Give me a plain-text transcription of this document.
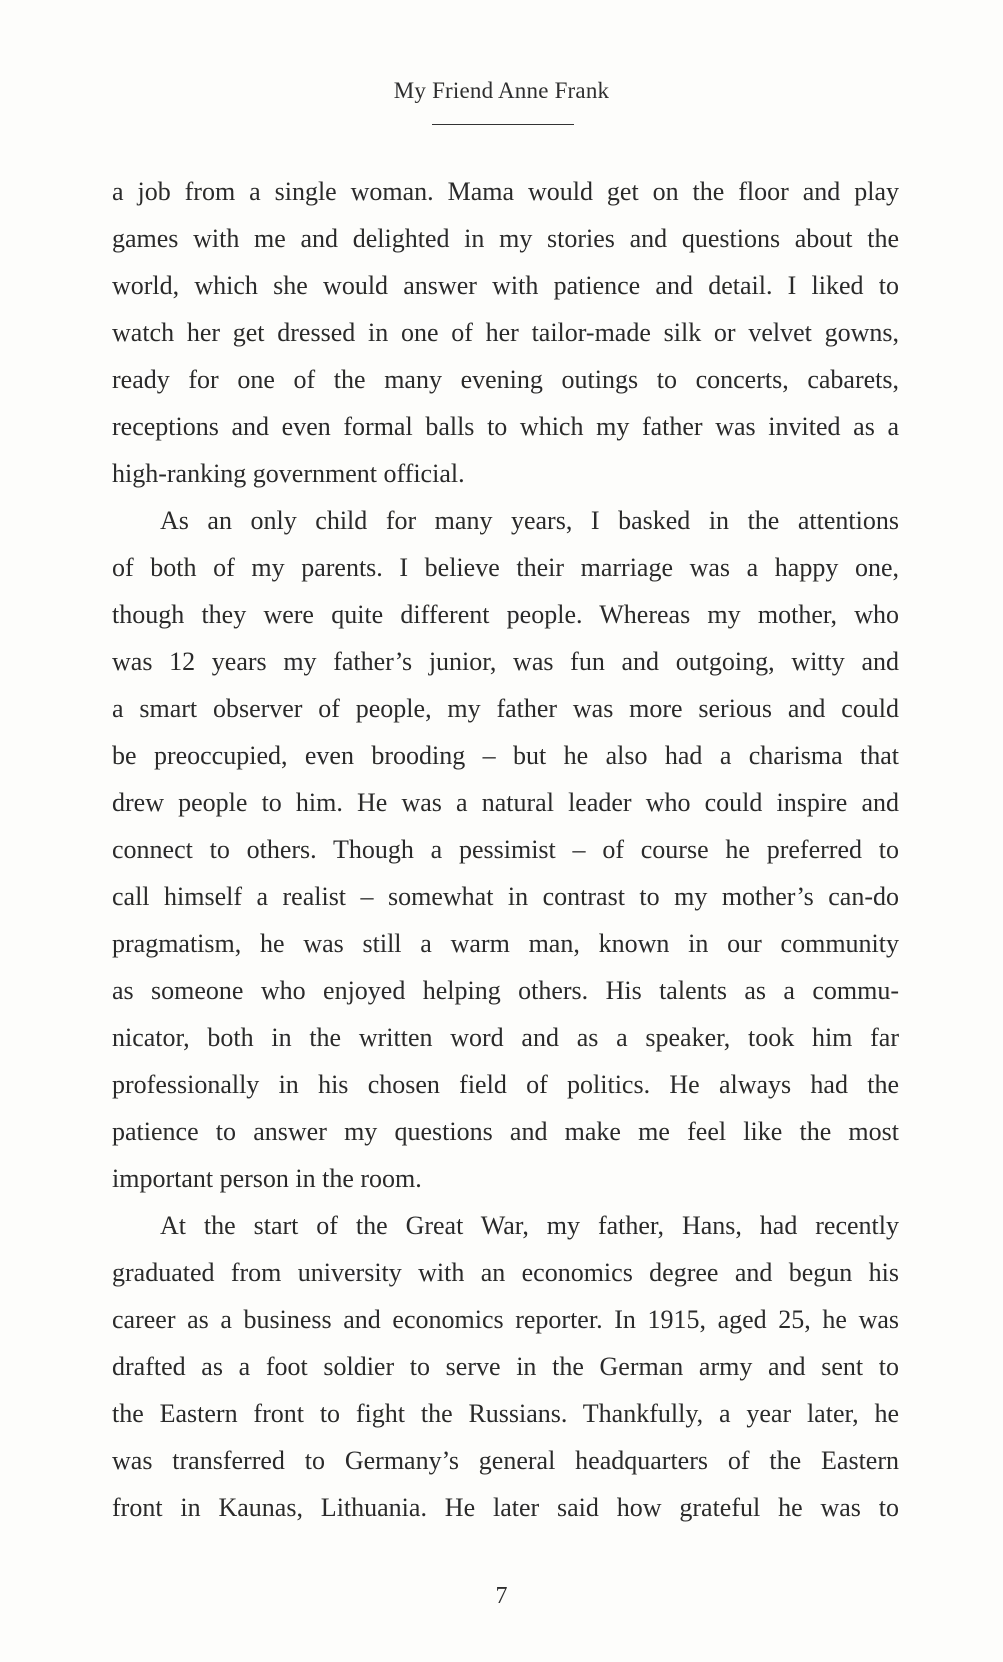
My Friend Anne Frank
a job from a single woman. Mama would get on the floor and play
games with me and delighted in my stories and questions about the
world, which she would answer with patience and detail. I liked to
watch her get dressed in one of her tailor-made silk or velvet gowns,
ready for one of the many evening outings to concerts, cabarets,
receptions and even formal balls to which my father was invited as a
high-ranking government official.
As an only child for many years, I basked in the attentions
of both of my parents. I believe their marriage was a happy one,
though they were quite different people. Whereas my mother, who
was 12 years my father’s junior, was fun and outgoing, witty and
a smart observer of people, my father was more serious and could
be preoccupied, even brooding – but he also had a charisma that
drew people to him. He was a natural leader who could inspire and
connect to others. Though a pessimist – of course he preferred to
call himself a realist – somewhat in contrast to my mother’s can-do
pragmatism, he was still a warm man, known in our community
as someone who enjoyed helping others. His talents as a commu-
nicator, both in the written word and as a speaker, took him far
professionally in his chosen field of politics. He always had the
patience to answer my questions and make me feel like the most
important person in the room.
At the start of the Great War, my father, Hans, had recently
graduated from university with an economics degree and begun his
career as a business and economics reporter. In 1915, aged 25, he was
drafted as a foot soldier to serve in the German army and sent to
the Eastern front to fight the Russians. Thankfully, a year later, he
was transferred to Germany’s general headquarters of the Eastern
front in Kaunas, Lithuania. He later said how grateful he was to
7
